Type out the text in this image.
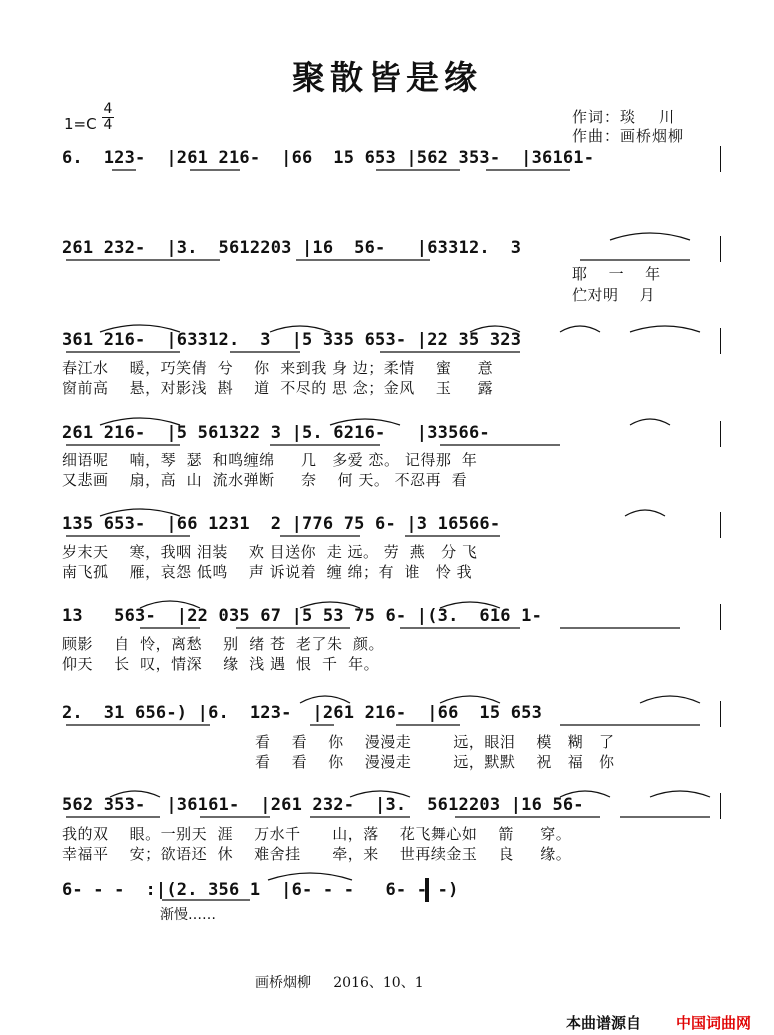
聚散皆是缘
1=C
4
4	作词：琰    川
作曲：画桥烟柳
6.  123-  |261 216-  |66  15 653 |562 353-  |36161-
261 232-  |3.  5612203 |16  56-   |63312.  3
耶    一    年
伫对明    月
361 216-  |63312.  3  |5 335 653- |22 35 323
春江水    暖，巧笑倩  兮    你  来到我 身 边；柔情    蜜     意
窗前高    悬，对影浅  斟    道  不尽的 思 念；金风    玉     露
261 216-  |5 561322 3 |5. 6216-   |33566-
细语呢    喃，琴  瑟  和鸣缠绵     几   多爱 恋。 记得那  年
又悲画    扇，高  山  流水弹断     奈    何 天。 不忍再  看
135 653-  |66 1231  2 |776 75 6- |3 16566-
岁末天    寒，我咽 泪装    欢 目送你  走 远。 劳  燕   分 飞
南飞孤    雁，哀怨 低鸣    声 诉说着  缠 绵；有  谁   怜 我
13   563-  |22 035 67 |5 53 75 6- |(3.  616 1-
顾影    自  怜，离愁    别  绪 苍  老了朱  颜。
仰天    长  叹，情深    缘  浅 遇  恨  千  年。
2.  31 656-) |6.  123-  |261 216-  |66  15 653
看    看    你    漫漫走        远，眼泪    模   糊   了
看    看    你    漫漫走        远，默默    祝   福   你
562 353-  |36161-  |261 232-  |3.  5612203 |16 56-
我的双    眼。一别天  涯    万水千      山，落    花飞舞心如    箭     穿。
幸福平    安；欲语还  休    难舍挂      牵，来    世再续金玉    良     缘。
6- - -  :|(2. 356 1  |6- - -   6- - -)
渐慢……
画桥烟柳 2016、10、1
本曲谱源自 中国词曲网
